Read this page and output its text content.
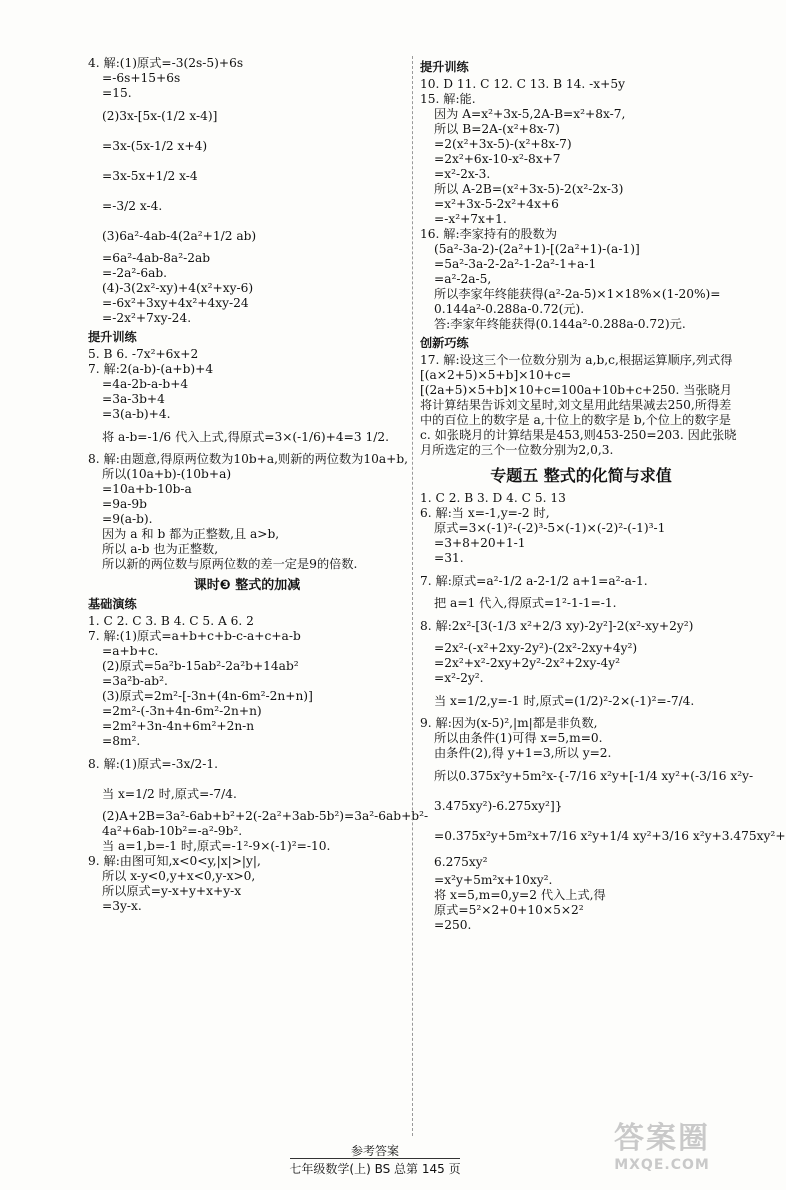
4. 解:(1)原式=-3(2s-5)+6s
=-6s+15+6s
=15.
(2)3x-[5x-(1/2 x-4)]
=3x-(5x-1/2 x+4)
=3x-5x+1/2 x-4
=-3/2 x-4.
(3)6a²-4ab-4(2a²+1/2 ab)
=6a²-4ab-8a²-2ab
=-2a²-6ab.
(4)-3(2x²-xy)+4(x²+xy-6)
=-6x²+3xy+4x²+4xy-24
=-2x²+7xy-24.
提升训练
5. B 6. -7x²+6x+2
7. 解:2(a-b)-(a+b)+4
=4a-2b-a-b+4
=3a-3b+4
=3(a-b)+4.
将 a-b=-1/6 代入上式,得原式=3×(-1/6)+4=3 1/2.
8. 解:由题意,得原两位数为10b+a,则新的两位数为10a+b,
所以(10a+b)-(10b+a)
=10a+b-10b-a
=9a-9b
=9(a-b).
因为 a 和 b 都为正整数,且 a>b,
所以 a-b 也为正整数,
所以新的两位数与原两位数的差一定是9的倍数.
课时❸ 整式的加减
基础演练
1. C 2. C 3. B 4. C 5. A 6. 2
7. 解:(1)原式=a+b+c+b-c-a+c+a-b
=a+b+c.
(2)原式=5a²b-15ab²-2a²b+14ab²
=3a²b-ab².
(3)原式=2m²-[-3n+(4n-6m²-2n+n)]
=2m²-(-3n+4n-6m²-2n+n)
=2m²+3n-4n+6m²+2n-n
=8m².
8. 解:(1)原式=-3x/2-1.
当 x=1/2 时,原式=-7/4.
(2)A+2B=3a²-6ab+b²+2(-2a²+3ab-5b²)=3a²-6ab+b²-
4a²+6ab-10b²=-a²-9b².
当 a=1,b=-1 时,原式=-1²-9×(-1)²=-10.
9. 解:由图可知,x<0<y,|x|>|y|,
所以 x-y<0,y+x<0,y-x>0,
所以原式=y-x+y+x+y-x
=3y-x.
提升训练
10. D 11. C 12. C 13. B 14. -x+5y
15. 解:能.
因为 A=x²+3x-5,2A-B=x²+8x-7,
所以 B=2A-(x²+8x-7)
=2(x²+3x-5)-(x²+8x-7)
=2x²+6x-10-x²-8x+7
=x²-2x-3.
所以 A-2B=(x²+3x-5)-2(x²-2x-3)
=x²+3x-5-2x²+4x+6
=-x²+7x+1.
16. 解:李家持有的股数为
(5a²-3a-2)-(2a²+1)-[(2a²+1)-(a-1)]
=5a²-3a-2-2a²-1-2a²-1+a-1
=a²-2a-5,
所以李家年终能获得(a²-2a-5)×1×18%×(1-20%)=
0.144a²-0.288a-0.72(元).
答:李家年终能获得(0.144a²-0.288a-0.72)元.
创新巧练
17. 解:设这三个一位数分别为 a,b,c,根据运算顺序,列式得[(a×2+5)×5+b]×10+c=[(2a+5)×5+b]×10+c=100a+10b+c+250. 当张晓月将计算结果告诉刘文星时,刘文星用此结果减去250,所得差中的百位上的数字是 a,十位上的数字是 b,个位上的数字是 c. 如张晓月的计算结果是453,则453-250=203. 因此张晓月所选定的三个一位数分别为2,0,3.
专题五 整式的化简与求值
1. C 2. B 3. D 4. C 5. 13
6. 解:当 x=-1,y=-2 时,
原式=3×(-1)²-(-2)³-5×(-1)×(-2)²-(-1)³-1
=3+8+20+1-1
=31.
7. 解:原式=a²-1/2 a-2-1/2 a+1=a²-a-1.
把 a=1 代入,得原式=1²-1-1=-1.
8. 解:2x²-[3(-1/3 x²+2/3 xy)-2y²]-2(x²-xy+2y²)
=2x²-(-x²+2xy-2y²)-(2x²-2xy+4y²)
=2x²+x²-2xy+2y²-2x²+2xy-4y²
=x²-2y².
当 x=1/2,y=-1 时,原式=(1/2)²-2×(-1)²=-7/4.
9. 解:因为(x-5)²,|m|都是非负数,
所以由条件(1)可得 x=5,m=0.
由条件(2),得 y+1=3,所以 y=2.
所以0.375x²y+5m²x-{-7/16 x²y+[-1/4 xy²+(-3/16 x²y-
3.475xy²)-6.275xy²]}
=0.375x²y+5m²x+7/16 x²y+1/4 xy²+3/16 x²y+3.475xy²+
6.275xy²
=x²y+5m²x+10xy².
将 x=5,m=0,y=2 代入上式,得
原式=5²×2+0+10×5×2²
=250.
参考答案
七年级数学(上) BS 总第 145 页
答案圈
MXQE.COM
